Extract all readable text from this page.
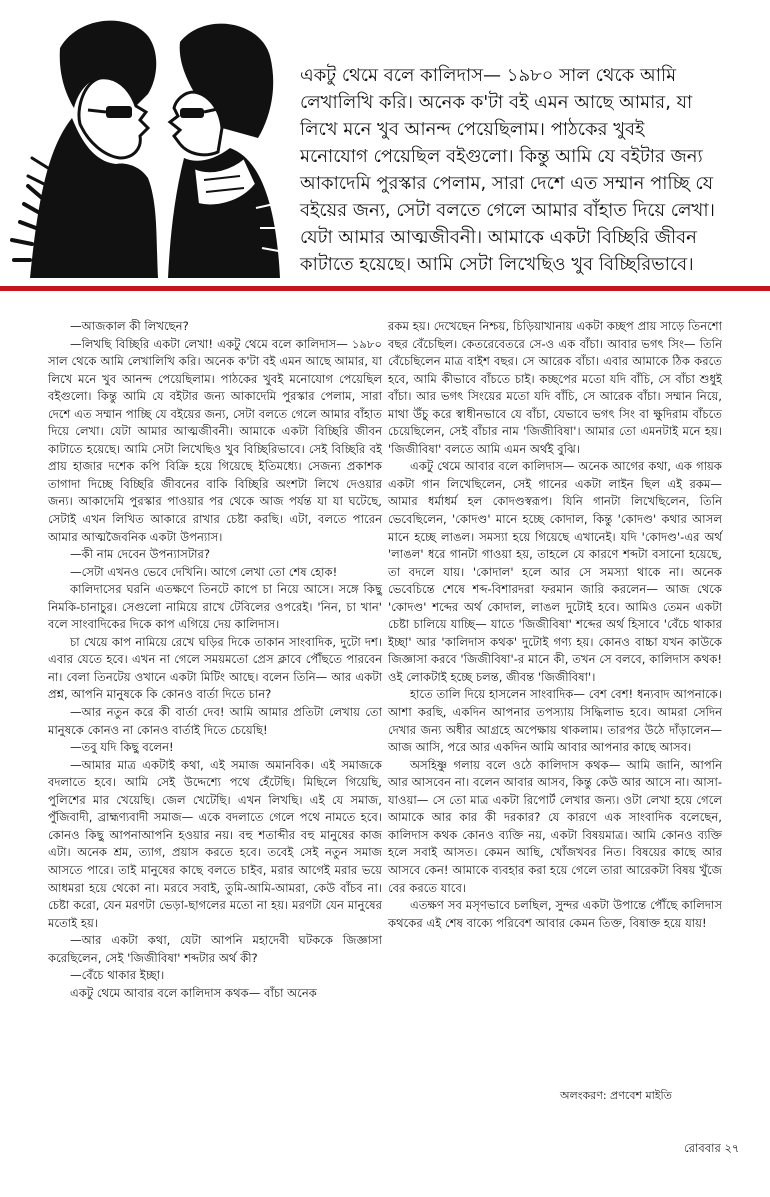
একটু থেমে বলে কালিদাস— ১৯৮০ সাল থেকে আমি
লেখালিখি করি। অনেক ক'টা বই এমন আছে আমার, যা
লিখে মনে খুব আনন্দ পেয়েছিলাম। পাঠকের খুবই
মনোযোগ পেয়েছিল বইগুলো। কিন্তু আমি যে বইটার জন্য
আকাদেমি পুরস্কার পেলাম, সারা দেশে এত সম্মান পাচ্ছি যে
বইয়ের জন্য, সেটা বলতে গেলে আমার বাঁহাত দিয়ে লেখা।
যেটা আমার আত্মজীবনী। আমাকে একটা বিচ্ছিরি জীবন
কাটাতে হয়েছে। আমি সেটা লিখেছিও খুব বিচ্ছিরিভাবে।

—আজকাল কী লিখছেন?

—লিখছি বিচ্ছিরি একটা লেখা! একটু থেমে বলে কালিদাস— ১৯৮০ সাল থেকে আমি লেখালিখি করি। অনেক ক'টা বই এমন আছে আমার, যা লিখে মনে খুব আনন্দ পেয়েছিলাম। পাঠকের খুবই মনোযোগ পেয়েছিল বইগুলো। কিন্তু আমি যে বইটার জন্য আকাদেমি পুরস্কার পেলাম, সারা দেশে এত সম্মান পাচ্ছি যে বইয়ের জন্য, সেটা বলতে গেলে আমার বাঁহাত দিয়ে লেখা। যেটা আমার আত্মজীবনী। আমাকে একটা বিচ্ছিরি জীবন কাটাতে হয়েছে। আমি সেটা লিখেছিও খুব বিচ্ছিরিভাবে। সেই বিচ্ছিরি বই প্রায় হাজার দশেক কপি বিক্রি হয়ে গিয়েছে ইতিমধ্যে। সেজন্য প্রকাশক তাগাদা দিচ্ছে বিচ্ছিরি জীবনের বাকি বিচ্ছিরি অংশটা লিখে দেওয়ার জন্য। আকাদেমি পুরস্কার পাওয়ার পর থেকে আজ পর্যন্ত যা যা ঘটেছে, সেটাই এখন লিখিত আকারে রাখার চেষ্টা করছি। এটা, বলতে পারেন আমার আত্মজৈবনিক একটা উপন্যাস।

—কী নাম দেবেন উপন্যাসটার?

—সেটা এখনও ভেবে দেখিনি। আগে লেখা তো শেষ হোক!

কালিদাসের ঘরনি এতক্ষণে তিনটে কাপে চা নিয়ে আসে। সঙ্গে কিছু নিমকি-চানাচুর। সেগুলো নামিয়ে রাখে টেবিলের ওপরেই। 'নিন, চা খান' বলে সাংবাদিকের দিকে কাপ এগিয়ে দেয় কালিদাস।

চা খেয়ে কাপ নামিয়ে রেখে ঘড়ির দিকে তাকান সাংবাদিক, দুটো দশ। এবার যেতে হবে। এখন না গেলে সময়মতো প্রেস ক্লাবে পৌঁছতে পারবেন না। বেলা তিনটেয় ওখানে একটা মিটিং আছে। বলেন তিনি— আর একটা প্রশ্ন, আপনি মানুষকে কি কোনও বার্তা দিতে চান?

—আর নতুন করে কী বার্তা দেব! আমি আমার প্রতিটা লেখায় তো মানুষকে কোনও না কোনও বার্তাই দিতে চেয়েছি!

—তবু যদি কিছু বলেন!

—আমার মাত্র একটাই কথা, এই সমাজ অমানবিক। এই সমাজকে বদলাতে হবে। আমি সেই উদ্দেশ্যে পথে হেঁটেছি। মিছিলে গিয়েছি, পুলিশের মার খেয়েছি। জেল খেটেছি। এখন লিখছি। এই যে সমাজ, পুঁজিবাদী, ব্রাহ্মণ্যবাদী সমাজ— একে বদলাতে গেলে পথে নামতে হবে। কোনও কিছু আপনাআপনি হওয়ার নয়। বহু শতাব্দীর বহু মানুষের কাজ এটা। অনেক শ্রম, ত্যাগ, প্রয়াস করতে হবে। তবেই সেই নতুন সমাজ আসতে পারে। তাই মানুষের কাছে বলতে চাইব, মরার আগেই মরার ভয়ে আধমরা হয়ে থেকো না। মরবে সবাই, তুমি-আমি-আমরা, কেউ বাঁচব না। চেষ্টা করো, যেন মরণটা ভেড়া-ছাগলের মতো না হয়। মরণটা যেন মানুষের মতোই হয়।

—আর একটা কথা, যেটা আপনি মহাদেবী ঘটককে জিজ্ঞাসা করেছিলেন, সেই 'জিজীবিষা' শব্দটার অর্থ কী?

—বেঁচে থাকার ইচ্ছা।

একটু থেমে আবার বলে কালিদাস কথক— বাঁচা অনেক

রকম হয়। দেখেছেন নিশ্চয়, চিড়িয়াখানায় একটা কচ্ছপ প্রায় সাড়ে তিনশো বছর বেঁচেছিল। কেতরেবেতরে সে-ও এক বাঁচা। আবার ভগৎ সিং— তিনি বেঁচেছিলেন মাত্র বাইশ বছর। সে আরেক বাঁচা। এবার আমাকে ঠিক করতে হবে, আমি কীভাবে বাঁচতে চাই। কচ্ছপের মতো যদি বাঁচি, সে বাঁচা শুধুই বাঁচা। আর ভগৎ সিংয়ের মতো যদি বাঁচি, সে আরেক বাঁচা। সম্মান নিয়ে, মাথা উঁচু করে স্বাধীনভাবে যে বাঁচা, যেভাবে ভগৎ সিং বা ক্ষুদিরাম বাঁচতে চেয়েছিলেন, সেই বাঁচার নাম 'জিজীবিষা'। আমার তো এমনটাই মনে হয়। 'জিজীবিষা' বলতে আমি এমন অর্থই বুঝি।

একটু থেমে আবার বলে কালিদাস— অনেক আগের কথা, এক গায়ক একটা গান লিখেছিলেন, সেই গানের একটা লাইন ছিল এই রকম— আমার ধর্মাধর্ম হল কোদণ্ডস্বরূপ। যিনি গানটা লিখেছিলেন, তিনি ভেবেছিলেন, 'কোদণ্ড' মানে হচ্ছে কোদাল, কিন্তু 'কোদণ্ড' কথার আসল মানে হচ্ছে লাঙল। সমস্যা হয়ে গিয়েছে এখানেই। যদি 'কোদণ্ড'-এর অর্থ 'লাঙল' ধরে গানটা গাওয়া হয়, তাহলে যে কারণে শব্দটা বসানো হয়েছে, তা বদলে যায়। 'কোদাল' হলে আর সে সমস্যা থাকে না। অনেক ভেবেচিন্তে শেষে শব্দ-বিশারদরা ফরমান জারি করলেন— আজ থেকে 'কোদণ্ড' শব্দের অর্থ কোদাল, লাঙল দুটোই হবে। আমিও তেমন একটা চেষ্টা চালিয়ে যাচ্ছি— যাতে 'জিজীবিষা' শব্দের অর্থ হিসাবে 'বেঁচে থাকার ইচ্ছা' আর 'কালিদাস কথক' দুটোই গণ্য হয়। কোনও বাচ্চা যখন কাউকে জিজ্ঞাসা করবে 'জিজীবিষা'-র মানে কী, তখন সে বলবে, কালিদাস কথক! ওই লোকটাই হচ্ছে চলন্ত, জীবন্ত 'জিজীবিষা'।

হাতে তালি দিয়ে হাসলেন সাংবাদিক— বেশ বেশ! ধন্যবাদ আপনাকে। আশা করছি, একদিন আপনার তপস্যায় সিদ্ধিলাভ হবে। আমরা সেদিন দেখার জন্য অধীর আগ্রহে অপেক্ষায় থাকলাম। তারপর উঠে দাঁড়ালেন— আজ আসি, পরে আর একদিন আমি আবার আপনার কাছে আসব।

অসহিষ্ণু গলায় বলে ওঠে কালিদাস কথক— আমি জানি, আপনি আর আসবেন না। বলেন আবার আসব, কিন্তু কেউ আর আসে না। আসা-যাওয়া— সে তো মাত্র একটা রিপোর্ট লেখার জন্য। ওটা লেখা হয়ে গেলে আমাকে আর কার কী দরকার? যে কারণে এক সাংবাদিক বলেছেন, কালিদাস কথক কোনও ব্যক্তি নয়, একটা বিষয়মাত্র। আমি কোনও ব্যক্তি হলে সবাই আসত। কেমন আছি, খোঁজখবর নিত। বিষয়ের কাছে আর আসবে কেন! আমাকে ব্যবহার করা হয়ে গেলে তারা আরেকটা বিষয় খুঁজে বের করতে যাবে।

এতক্ষণ সব মসৃণভাবে চলছিল, সুন্দর একটা উপান্তে পৌঁছে কালিদাস কথকের এই শেষ বাক্যে পরিবেশ আবার কেমন তিক্ত, বিষাক্ত হয়ে যায়!

অলংকরণ: প্রণবেশ মাইতি
রোববার ২৭
